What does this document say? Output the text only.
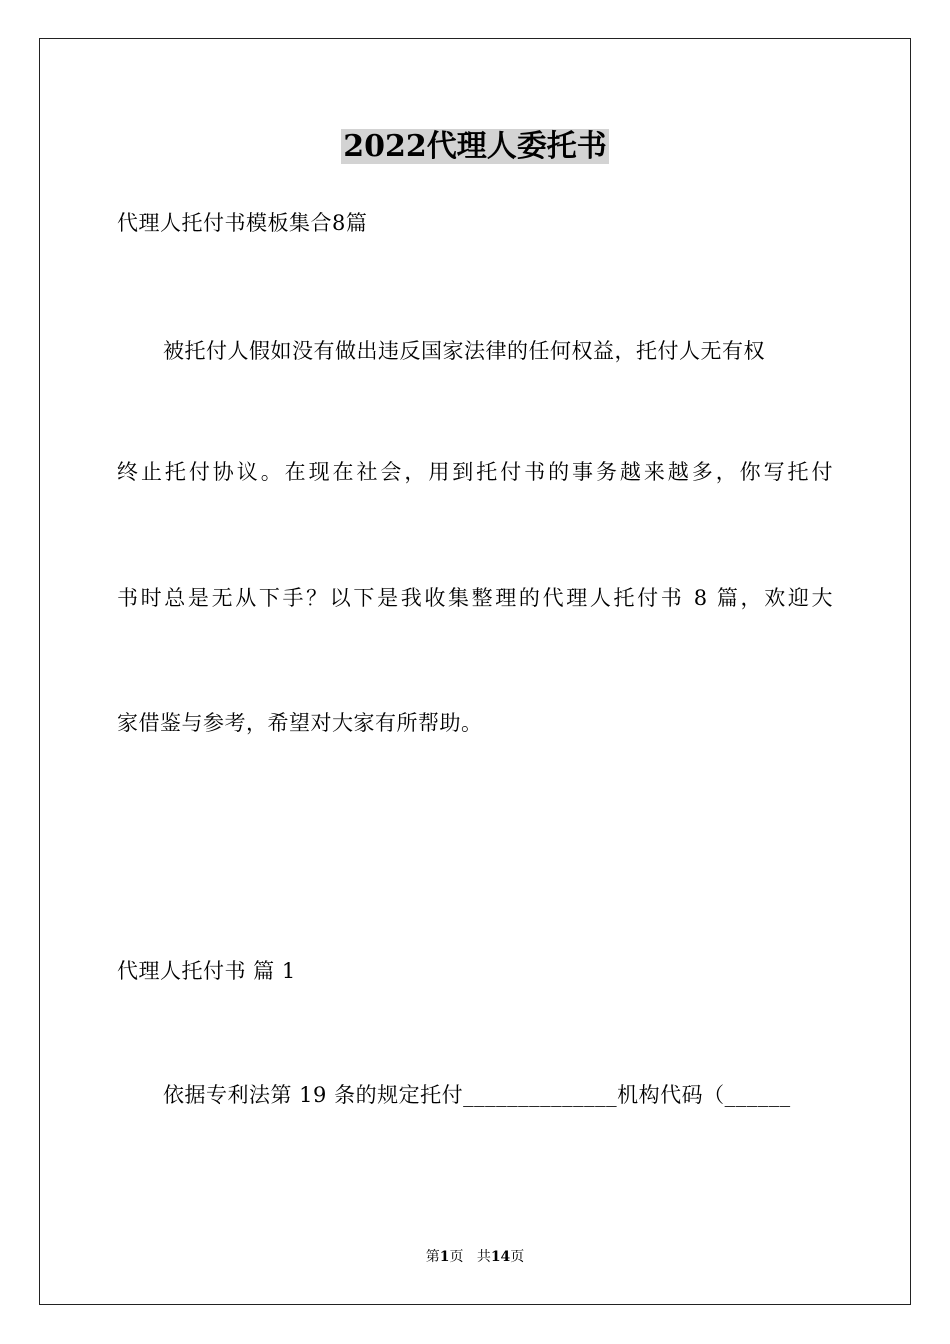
2022代理人委托书
代理人托付书模板集合8篇
被托付人假如没有做出违反国家法律的任何权益，托付人无有权
终止托付协议。在现在社会，用到托付书的事务越来越多，你写托付
书时总是无从下手？以下是我收集整理的代理人托付书 8 篇，欢迎大
家借鉴与参考，希望对大家有所帮助。
代理人托付书 篇 1
依据专利法第 19 条的规定托付______________机构代码（______
第1页 共14页
